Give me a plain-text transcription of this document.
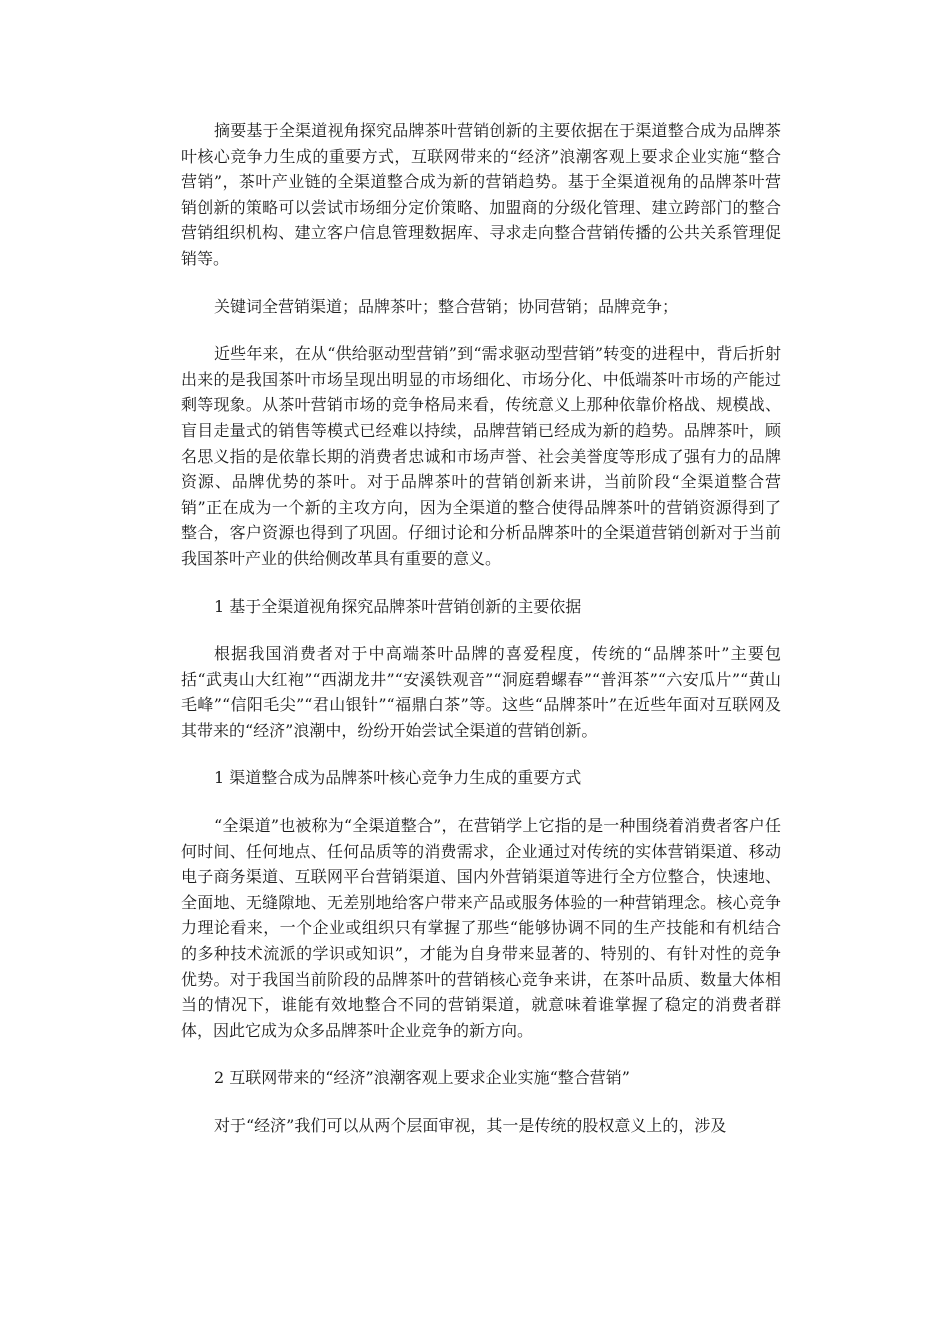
摘要基于全渠道视角探究品牌茶叶营销创新的主要依据在于渠道整合成为品牌茶叶核心竞争力生成的重要方式，互联网带来的“经济”浪潮客观上要求企业实施“整合营销”，茶叶产业链的全渠道整合成为新的营销趋势。基于全渠道视角的品牌茶叶营销创新的策略可以尝试市场细分定价策略、加盟商的分级化管理、建立跨部门的整合营销组织机构、建立客户信息管理数据库、寻求走向整合营销传播的公共关系管理促销等。

关键词全营销渠道；品牌茶叶；整合营销；协同营销；品牌竞争；

近些年来，在从“供给驱动型营销”到“需求驱动型营销”转变的进程中，背后折射出来的是我国茶叶市场呈现出明显的市场细化、市场分化、中低端茶叶市场的产能过剩等现象。从茶叶营销市场的竞争格局来看，传统意义上那种依靠价格战、规模战、盲目走量式的销售等模式已经难以持续，品牌营销已经成为新的趋势。品牌茶叶，顾名思义指的是依靠长期的消费者忠诚和市场声誉、社会美誉度等形成了强有力的品牌资源、品牌优势的茶叶。对于品牌茶叶的营销创新来讲，当前阶段“全渠道整合营销”正在成为一个新的主攻方向，因为全渠道的整合使得品牌茶叶的营销资源得到了整合，客户资源也得到了巩固。仔细讨论和分析品牌茶叶的全渠道营销创新对于当前我国茶叶产业的供给侧改革具有重要的意义。

1 基于全渠道视角探究品牌茶叶营销创新的主要依据

根据我国消费者对于中高端茶叶品牌的喜爱程度，传统的“品牌茶叶”主要包括“武夷山大红袍”“西湖龙井”“安溪铁观音”“洞庭碧螺春”“普洱茶”“六安瓜片”“黄山毛峰”“信阳毛尖”“君山银针”“福鼎白茶”等。这些“品牌茶叶”在近些年面对互联网及其带来的“经济”浪潮中，纷纷开始尝试全渠道的营销创新。

1 渠道整合成为品牌茶叶核心竞争力生成的重要方式

“全渠道”也被称为“全渠道整合”，在营销学上它指的是一种围绕着消费者客户任何时间、任何地点、任何品质等的消费需求，企业通过对传统的实体营销渠道、移动电子商务渠道、互联网平台营销渠道、国内外营销渠道等进行全方位整合，快速地、全面地、无缝隙地、无差别地给客户带来产品或服务体验的一种营销理念。核心竞争力理论看来，一个企业或组织只有掌握了那些“能够协调不同的生产技能和有机结合的多种技术流派的学识或知识”，才能为自身带来显著的、特别的、有针对性的竞争优势。对于我国当前阶段的品牌茶叶的营销核心竞争来讲，在茶叶品质、数量大体相当的情况下，谁能有效地整合不同的营销渠道，就意味着谁掌握了稳定的消费者群体，因此它成为众多品牌茶叶企业竞争的新方向。

2 互联网带来的“经济”浪潮客观上要求企业实施“整合营销”

对于“经济”我们可以从两个层面审视，其一是传统的股权意义上的，涉及
